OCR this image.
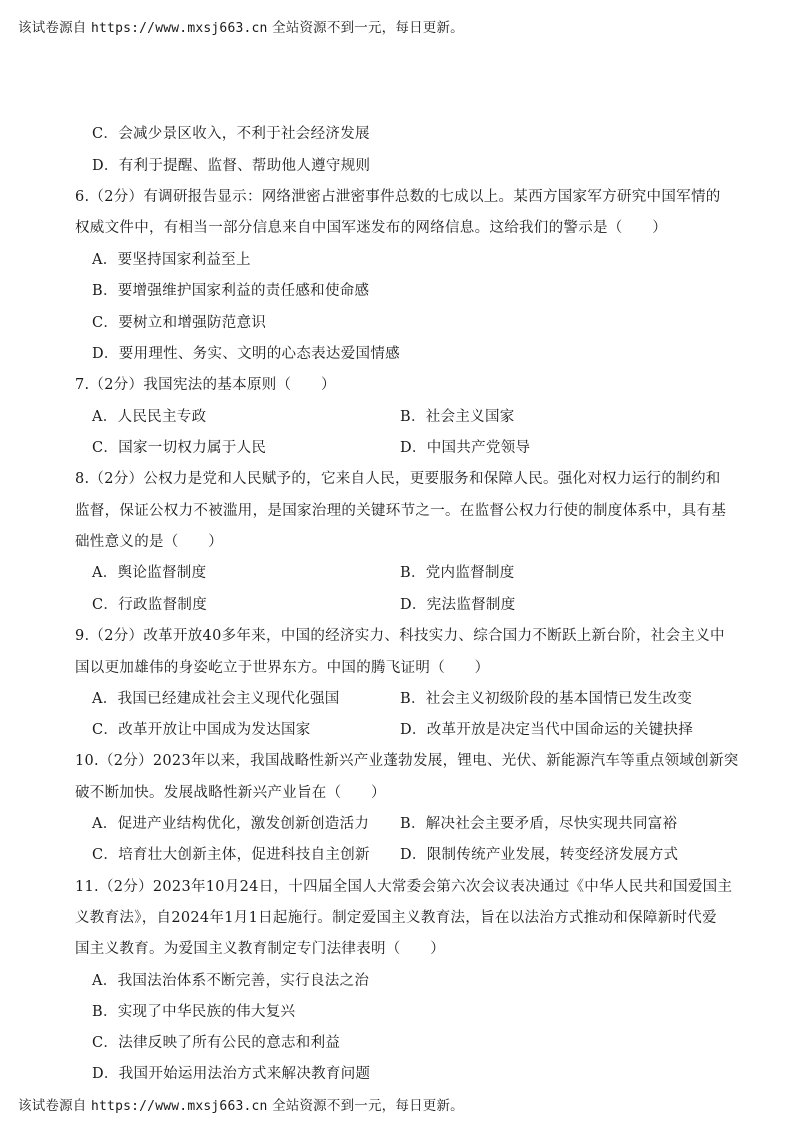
该试卷源自 https://www.mxsj663.cn 全站资源不到一元，每日更新。
C．会减少景区收入，不利于社会经济发展
D．有利于提醒、监督、帮助他人遵守规则
6.（2分）有调研报告显示：网络泄密占泄密事件总数的七成以上。某西方国家军方研究中国军情的
权威文件中，有相当一部分信息来自中国军迷发布的网络信息。这给我们的警示是（　　）
A．要坚持国家利益至上
B．要增强维护国家利益的责任感和使命感
C．要树立和增强防范意识
D．要用理性、务实、文明的心态表达爱国情感
7.（2分）我国宪法的基本原则（　　）
A．人民民主专政	B．社会主义国家
C．国家一切权力属于人民	D．中国共产党领导
8.（2分）公权力是党和人民赋予的，它来自人民，更要服务和保障人民。强化对权力运行的制约和
监督，保证公权力不被滥用，是国家治理的关键环节之一。在监督公权力行使的制度体系中，具有基
础性意义的是（　　）
A．舆论监督制度	B．党内监督制度
C．行政监督制度	D．宪法监督制度
9.（2分）改革开放40多年来，中国的经济实力、科技实力、综合国力不断跃上新台阶，社会主义中
国以更加雄伟的身姿屹立于世界东方。中国的腾飞证明（　　）
A．我国已经建成社会主义现代化强国	B．社会主义初级阶段的基本国情已发生改变
C．改革开放让中国成为发达国家	D．改革开放是决定当代中国命运的关键抉择
10.（2分）2023年以来，我国战略性新兴产业蓬勃发展，锂电、光伏、新能源汽车等重点领域创新突
破不断加快。发展战略性新兴产业旨在（　　）
A．促进产业结构优化，激发创新创造活力 B．解决社会主要矛盾，尽快实现共同富裕
C．培育壮大创新主体，促进科技自主创新 D．限制传统产业发展，转变经济发展方式
11.（2分）2023年10月24日，十四届全国人大常委会第六次会议表决通过《中华人民共和国爱国主
义教育法》，自2024年1月1日起施行。制定爱国主义教育法，旨在以法治方式推动和保障新时代爱
国主义教育。为爱国主义教育制定专门法律表明（　　）
A．我国法治体系不断完善，实行良法之治
B．实现了中华民族的伟大复兴
C．法律反映了所有公民的意志和利益
D．我国开始运用法治方式来解决教育问题
该试卷源自 https://www.mxsj663.cn 全站资源不到一元，每日更新。
